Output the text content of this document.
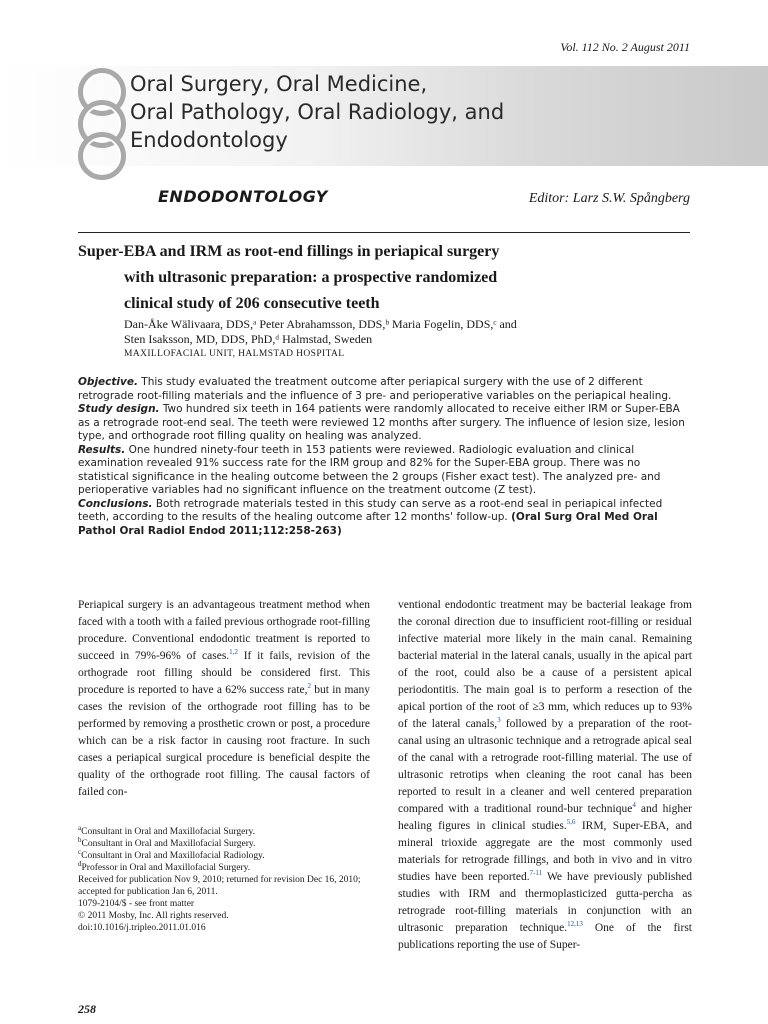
Vol. 112 No. 2 August 2011
Oral Surgery, Oral Medicine,
Oral Pathology, Oral Radiology, and
Endodontology
ENDODONTOLOGY	Editor: Larz S.W. Spångberg
Super-EBA and IRM as root-end fillings in periapical surgery
with ultrasonic preparation: a prospective randomized
clinical study of 206 consecutive teeth
Dan-Åke Wälivaara, DDS,ᵃ Peter Abrahamsson, DDS,ᵇ Maria Fogelin, DDS,ᶜ and
Sten Isaksson, MD, DDS, PhD,ᵈ Halmstad, Sweden
MAXILLOFACIAL UNIT, HALMSTAD HOSPITAL

Objective. This study evaluated the treatment outcome after periapical surgery with the use of 2 different retrograde root-filling materials and the influence of 3 pre- and perioperative variables on the periapical healing.

Study design. Two hundred six teeth in 164 patients were randomly allocated to receive either IRM or Super-EBA as a retrograde root-end seal. The teeth were reviewed 12 months after surgery. The influence of lesion size, lesion type, and orthograde root filling quality on healing was analyzed.

Results. One hundred ninety-four teeth in 153 patients were reviewed. Radiologic evaluation and clinical examination revealed 91% success rate for the IRM group and 82% for the Super-EBA group. There was no statistical significance in the healing outcome between the 2 groups (Fisher exact test). The analyzed pre- and perioperative variables had no significant influence on the treatment outcome (Z test).

Conclusions. Both retrograde materials tested in this study can serve as a root-end seal in periapical infected teeth, according to the results of the healing outcome after 12 months' follow-up. (Oral Surg Oral Med Oral Pathol Oral Radiol Endod 2011;112:258-263)

Periapical surgery is an advantageous treatment method when faced with a tooth with a failed previous orthograde root-filling procedure. Conventional endodontic treatment is reported to succeed in 79%-96% of cases.$^{1,2}$ If it fails, revision of the orthograde root filling should be considered first. This procedure is reported to have a 62% success rate,$^2$ but in many cases the revision of the orthograde root filling has to be performed by removing a prosthetic crown or post, a procedure which can be a risk factor in causing root fracture. In such cases a periapical surgical procedure is beneficial despite the quality of the orthograde root filling. The causal factors of failed con-

ventional endodontic treatment may be bacterial leakage from the coronal direction due to insufficient root-filling or residual infective material more likely in the main canal. Remaining bacterial material in the lateral canals, usually in the apical part of the root, could also be a cause of a persistent apical periodontitis. The main goal is to perform a resection of the apical portion of the root of ≥3 mm, which reduces up to 93% of the lateral canals,$^3$ followed by a preparation of the root-canal using an ultrasonic technique and a retrograde apical seal of the canal with a retrograde root-filling material. The use of ultrasonic retrotips when cleaning the root canal has been reported to result in a cleaner and well centered preparation compared with a traditional round-bur technique$^4$ and higher healing figures in clinical studies.$^{5,6}$ IRM, Super-EBA, and mineral trioxide aggregate are the most commonly used materials for retrograde fillings, and both in vivo and in vitro studies have been reported.$^{7-11}$ We have previously published studies with IRM and thermoplasticized gutta-percha as retrograde root-filling materials in conjunction with an ultrasonic preparation technique.$^{12,13}$ One of the first publications reporting the use of Super-

$^a$Consultant in Oral and Maxillofacial Surgery.
$^b$Consultant in Oral and Maxillofacial Surgery.
$^c$Consultant in Oral and Maxillofacial Radiology.
$^d$Professor in Oral and Maxillofacial Surgery.
Received for publication Nov 9, 2010; returned for revision Dec 16, 2010; accepted for publication Jan 6, 2011.
1079-2104/$ - see front matter
© 2011 Mosby, Inc. All rights reserved.
doi:10.1016/j.tripleo.2011.01.016
258
